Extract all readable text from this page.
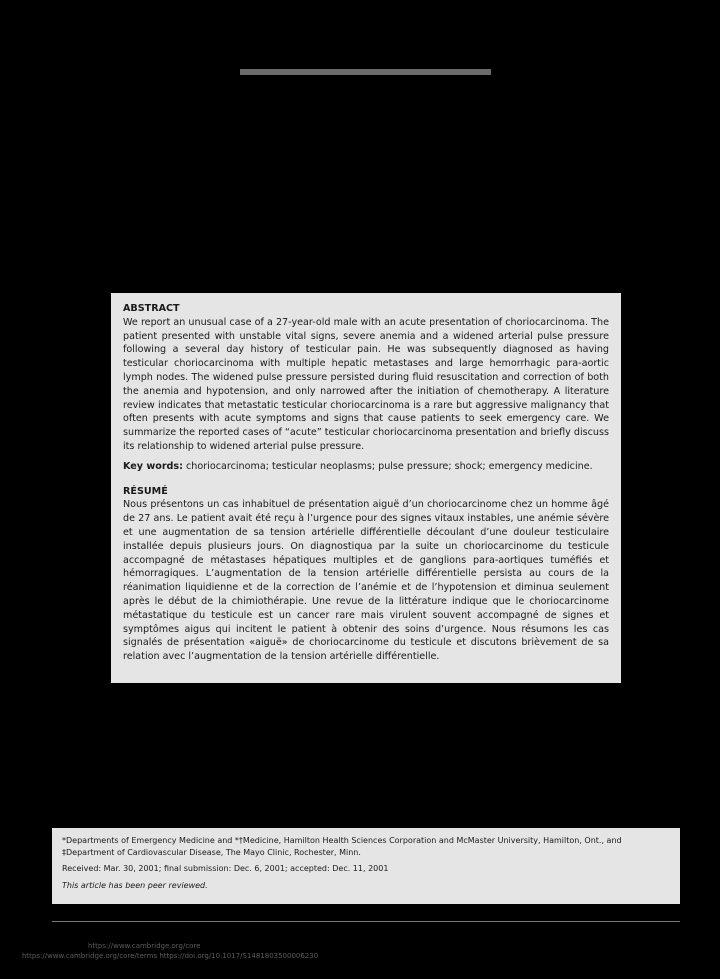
ABSTRACT

We report an unusual case of a 27-year-old male with an acute presentation of choriocarcinoma. The patient presented with unstable vital signs, severe anemia and a widened arterial pulse pressure following a several day history of testicular pain. He was subsequently diagnosed as having testicular choriocarcinoma with multiple hepatic metastases and large hemorrhagic para-aortic lymph nodes. The widened pulse pressure persisted during fluid resuscitation and correction of both the anemia and hypotension, and only narrowed after the initiation of chemotherapy. A literature review indicates that metastatic testicular choriocarcinoma is a rare but aggressive malignancy that often presents with acute symptoms and signs that cause patients to seek emergency care. We summarize the reported cases of “acute” testicular choriocarcinoma presentation and briefly discuss its relationship to widened arterial pulse pressure.

Key words: choriocarcinoma; testicular neoplasms; pulse pressure; shock; emergency medicine.

RÉSUMÉ

Nous présentons un cas inhabituel de présentation aiguë d’un choriocarcinome chez un homme âgé de 27 ans. Le patient avait été reçu à l’urgence pour des signes vitaux instables, une anémie sévère et une augmentation de sa tension artérielle différentielle découlant d’une douleur testiculaire installée depuis plusieurs jours. On diagnostiqua par la suite un choriocarcinome du testicule accompagné de métastases hépatiques multiples et de ganglions para-aortiques tuméfiés et hémorragiques. L’augmentation de la tension artérielle différentielle persista au cours de la réanimation liquidienne et de la correction de l’anémie et de l’hypotension et diminua seulement après le début de la chimiothérapie. Une revue de la littérature indique que le choriocarcinome métastatique du testicule est un cancer rare mais virulent souvent accompagné de signes et symptômes aigus qui incitent le patient à obtenir des soins d’urgence. Nous résumons les cas signalés de présentation «aiguë» de choriocarcinome du testicule et discutons brièvement de sa relation avec l’augmentation de la tension artérielle différentielle.

*Departments of Emergency Medicine and *†Medicine, Hamilton Health Sciences Corporation and McMaster University, Hamilton, Ont., and ‡Department of Cardiovascular Disease, The Mayo Clinic, Rochester, Minn.

Received: Mar. 30, 2001; final submission: Dec. 6, 2001; accepted: Dec. 11, 2001

This article has been peer reviewed.

https://www.cambridge.org/core
https://www.cambridge.org/core/terms https://doi.org/10.1017/S1481803500006230
